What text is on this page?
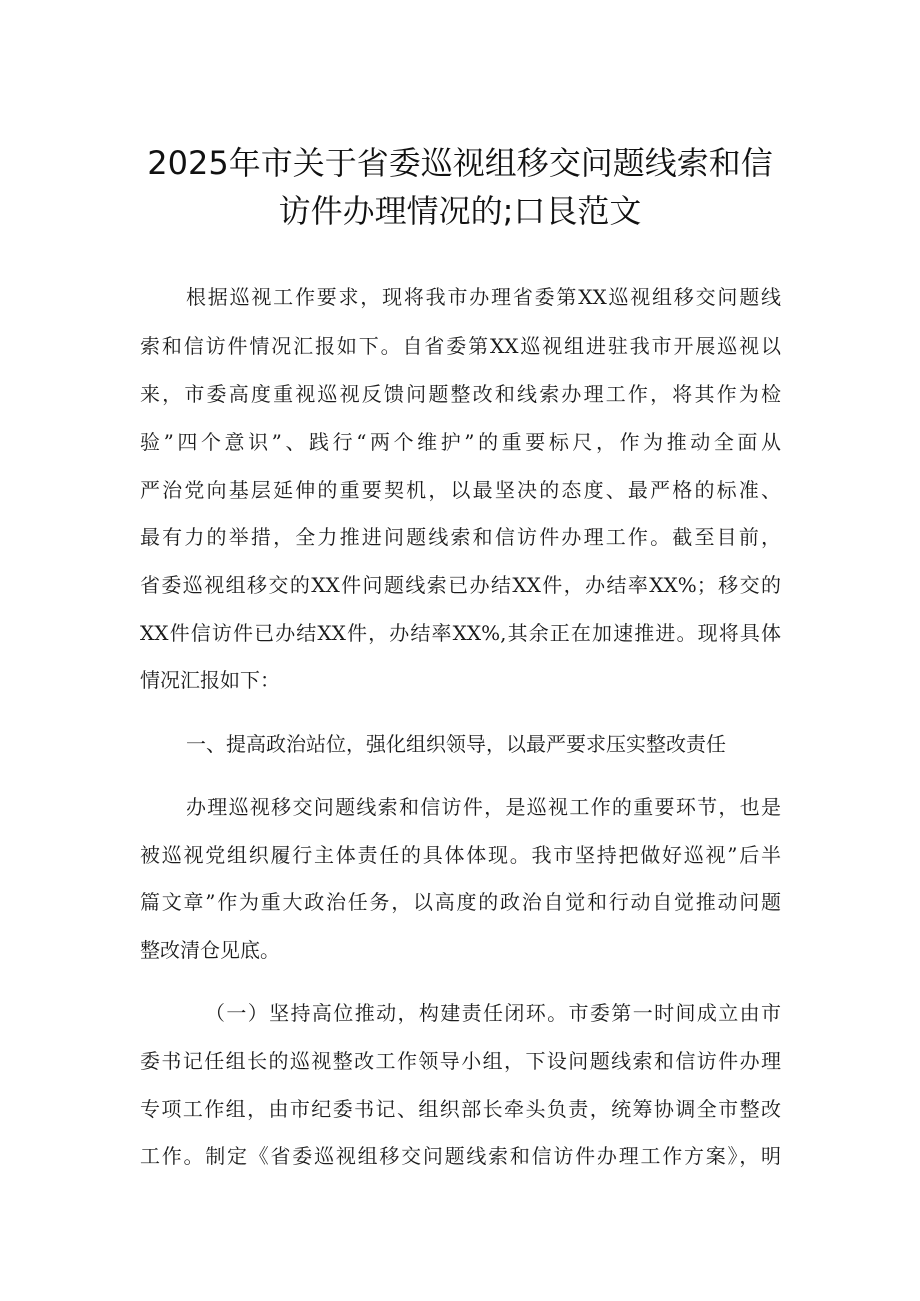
2025年市关于省委巡视组移交问题线索和信
访件办理情况的;口艮范文
根据巡视工作要求，现将我市办理省委第XX巡视组移交问题线
索和信访件情况汇报如下。自省委第XX巡视组进驻我市开展巡视以
来，市委高度重视巡视反馈问题整改和线索办理工作，将其作为检
验”四个意识”、践行“两个维护”的重要标尺，作为推动全面从
严治党向基层延伸的重要契机，以最坚决的态度、最严格的标准、
最有力的举措，全力推进问题线索和信访件办理工作。截至目前，
省委巡视组移交的XX件问题线索已办结XX件，办结率XX%；移交的
XX件信访件已办结XX件，办结率XX%,其余正在加速推进。现将具体
情况汇报如下：
一、提高政治站位，强化组织领导，以最严要求压实整改责任
办理巡视移交问题线索和信访件，是巡视工作的重要环节，也是
被巡视党组织履行主体责任的具体体现。我市坚持把做好巡视”后半
篇文章”作为重大政治任务，以高度的政治自觉和行动自觉推动问题
整改清仓见底。
（一）坚持高位推动，构建责任闭环。市委第一时间成立由市
委书记任组长的巡视整改工作领导小组，下设问题线索和信访件办理
专项工作组，由市纪委书记、组织部长牵头负责，统筹协调全市整改
工作。制定《省委巡视组移交问题线索和信访件办理工作方案》，明
